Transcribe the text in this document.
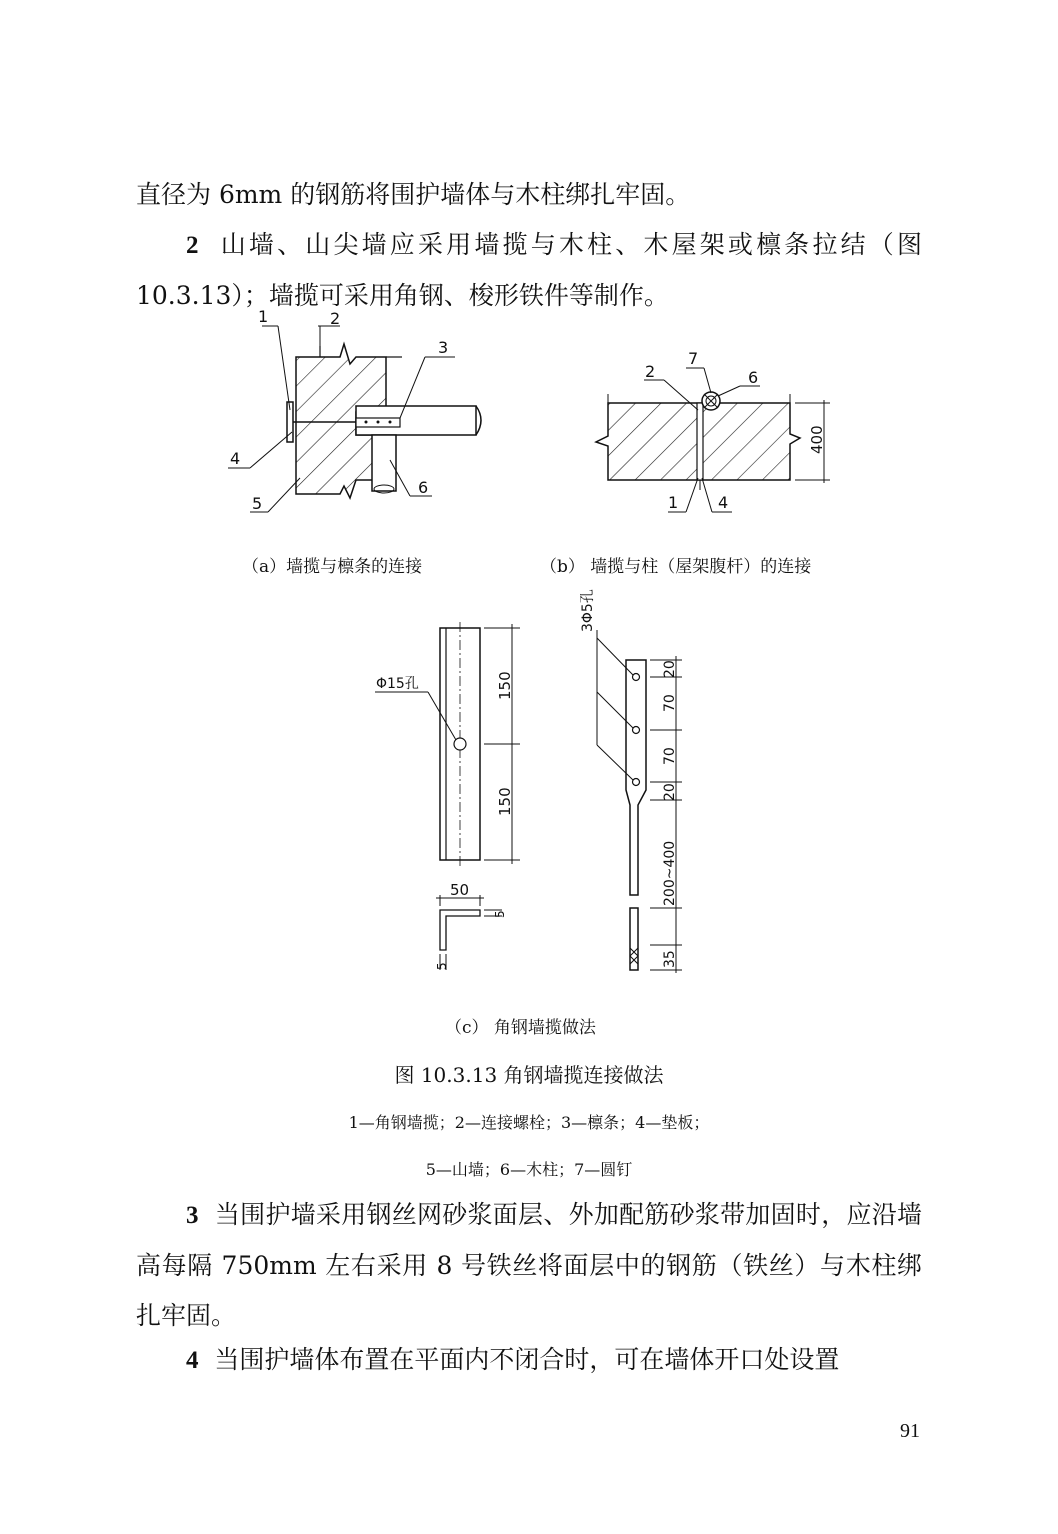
直径为 6mm 的钢筋将围护墙体与木柱绑扎牢固。
2 山墙、山尖墙应采用墙揽与木柱、木屋架或檩条拉结（图 10.3.13）；墙揽可采用角钢、梭形铁件等制作。
1	2
3
4
5
6
400
2
7
6
1 4
Φ15孔	150
150
50
5
5
3Φ5孔
20
70
70
20
200~400
35
（a）墙揽与檩条的连接	（b） 墙揽与柱（屋架腹杆）的连接
（c） 角钢墙揽做法
图 10.3.13 角钢墙揽连接做法
1—角钢墙揽；2—连接螺栓；3—檩条；4—垫板；
5—山墙；6—木柱；7—圆钉
3 当围护墙采用钢丝网砂浆面层、外加配筋砂浆带加固时，应沿墙高每隔 750mm 左右采用 8 号铁丝将面层中的钢筋（铁丝）与木柱绑扎牢固。
4 当围护墙体布置在平面内不闭合时，可在墙体开口处设置
91
